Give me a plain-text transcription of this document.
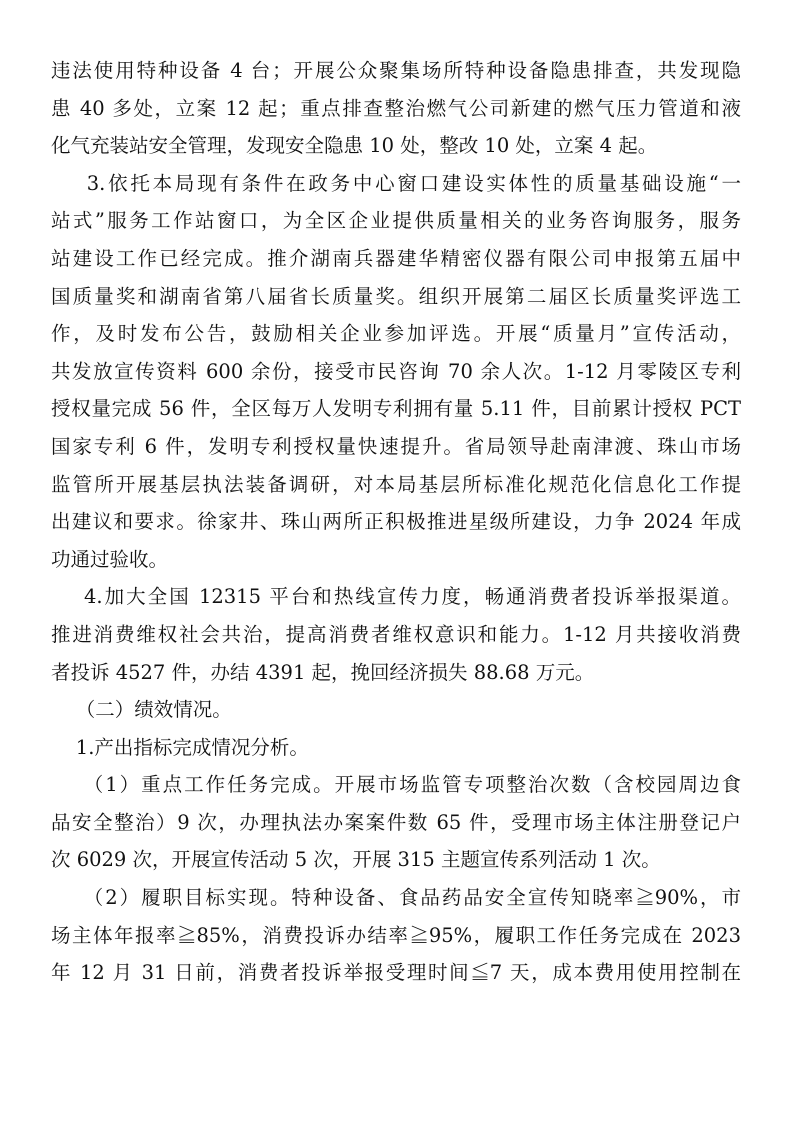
违法使用特种设备 4 台；开展公众聚集场所特种设备隐患排查，共发现隐
患 40 多处，立案 12 起；重点排查整治燃气公司新建的燃气压力管道和液
化气充装站安全管理，发现安全隐患 10 处，整改 10 处，立案 4 起。
3.依托本局现有条件在政务中心窗口建设实体性的质量基础设施“一
站式”服务工作站窗口，为全区企业提供质量相关的业务咨询服务，服务
站建设工作已经完成。推介湖南兵器建华精密仪器有限公司申报第五届中
国质量奖和湖南省第八届省长质量奖。组织开展第二届区长质量奖评选工
作，及时发布公告，鼓励相关企业参加评选。开展“质量月”宣传活动，
共发放宣传资料 600 余份，接受市民咨询 70 余人次。1-12 月零陵区专利
授权量完成 56 件，全区每万人发明专利拥有量 5.11 件，目前累计授权 PCT
国家专利 6 件，发明专利授权量快速提升。省局领导赴南津渡、珠山市场
监管所开展基层执法装备调研，对本局基层所标准化规范化信息化工作提
出建议和要求。徐家井、珠山两所正积极推进星级所建设，力争 2024 年成
功通过验收。
4.加大全国 12315 平台和热线宣传力度，畅通消费者投诉举报渠道。
推进消费维权社会共治，提高消费者维权意识和能力。1-12 月共接收消费
者投诉 4527 件，办结 4391 起，挽回经济损失 88.68 万元。
（二）绩效情况。
1.产出指标完成情况分析。
（1）重点工作任务完成。开展市场监管专项整治次数（含校园周边食
品安全整治）9 次，办理执法办案案件数 65 件，受理市场主体注册登记户
次 6029 次，开展宣传活动 5 次，开展 315 主题宣传系列活动 1 次。
（2）履职目标实现。特种设备、食品药品安全宣传知晓率≧90%，市
场主体年报率≧85%，消费投诉办结率≧95%，履职工作任务完成在 2023
年 12 月 31 日前，消费者投诉举报受理时间≦7 天，成本费用使用控制在
